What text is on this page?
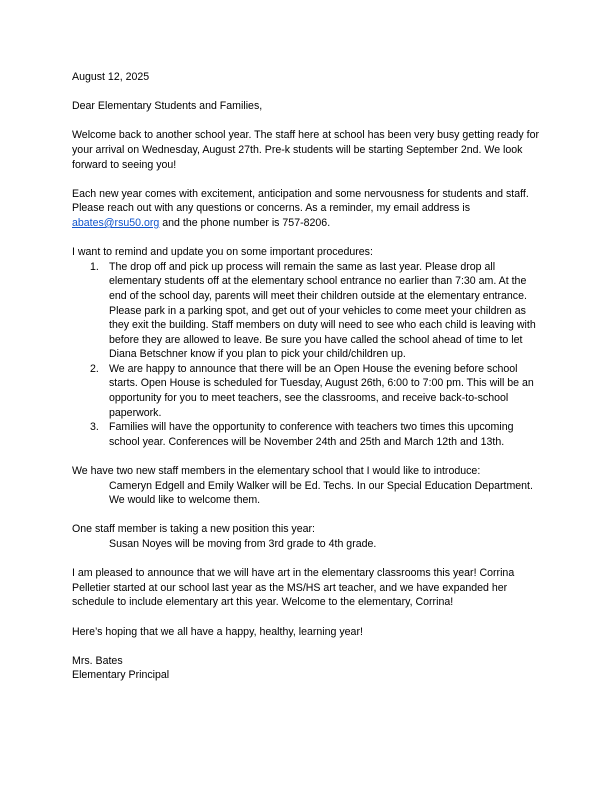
August 12, 2025

Dear Elementary Students and Families,

Welcome back to another school year. The staff here at school has been very busy getting ready for your arrival on Wednesday, August 27th. Pre-k students will be starting September 2nd. We look forward to seeing you!

Each new year comes with excitement, anticipation and some nervousness for students and staff. Please reach out with any questions or concerns. As a reminder, my email address is abates@rsu50.org and the phone number is 757-8206.

I want to remind and update you on some important procedures:

1. The drop off and pick up process will remain the same as last year. Please drop all elementary students off at the elementary school entrance no earlier than 7:30 am. At the end of the school day, parents will meet their children outside at the elementary entrance. Please park in a parking spot, and get out of your vehicles to come meet your children as they exit the building. Staff members on duty will need to see who each child is leaving with before they are allowed to leave. Be sure you have called the school ahead of time to let Diana Betschner know if you plan to pick your child/children up.
2. We are happy to announce that there will be an Open House the evening before school starts. Open House is scheduled for Tuesday, August 26th, 6:00 to 7:00 pm. This will be an opportunity for you to meet teachers, see the classrooms, and receive back-to-school paperwork.
3. Families will have the opportunity to conference with teachers two times this upcoming school year. Conferences will be November 24th and 25th and March 12th and 13th.

We have two new staff members in the elementary school that I would like to introduce:

Cameryn Edgell and Emily Walker will be Ed. Techs. In our Special Education Department. We would like to welcome them.

One staff member is taking a new position this year:

Susan Noyes will be moving from 3rd grade to 4th grade.

I am pleased to announce that we will have art in the elementary classrooms this year! Corrina Pelletier started at our school last year as the MS/HS art teacher, and we have expanded her schedule to include elementary art this year. Welcome to the elementary, Corrina!

Here’s hoping that we all have a happy, healthy, learning year!

Mrs. Bates

Elementary Principal
